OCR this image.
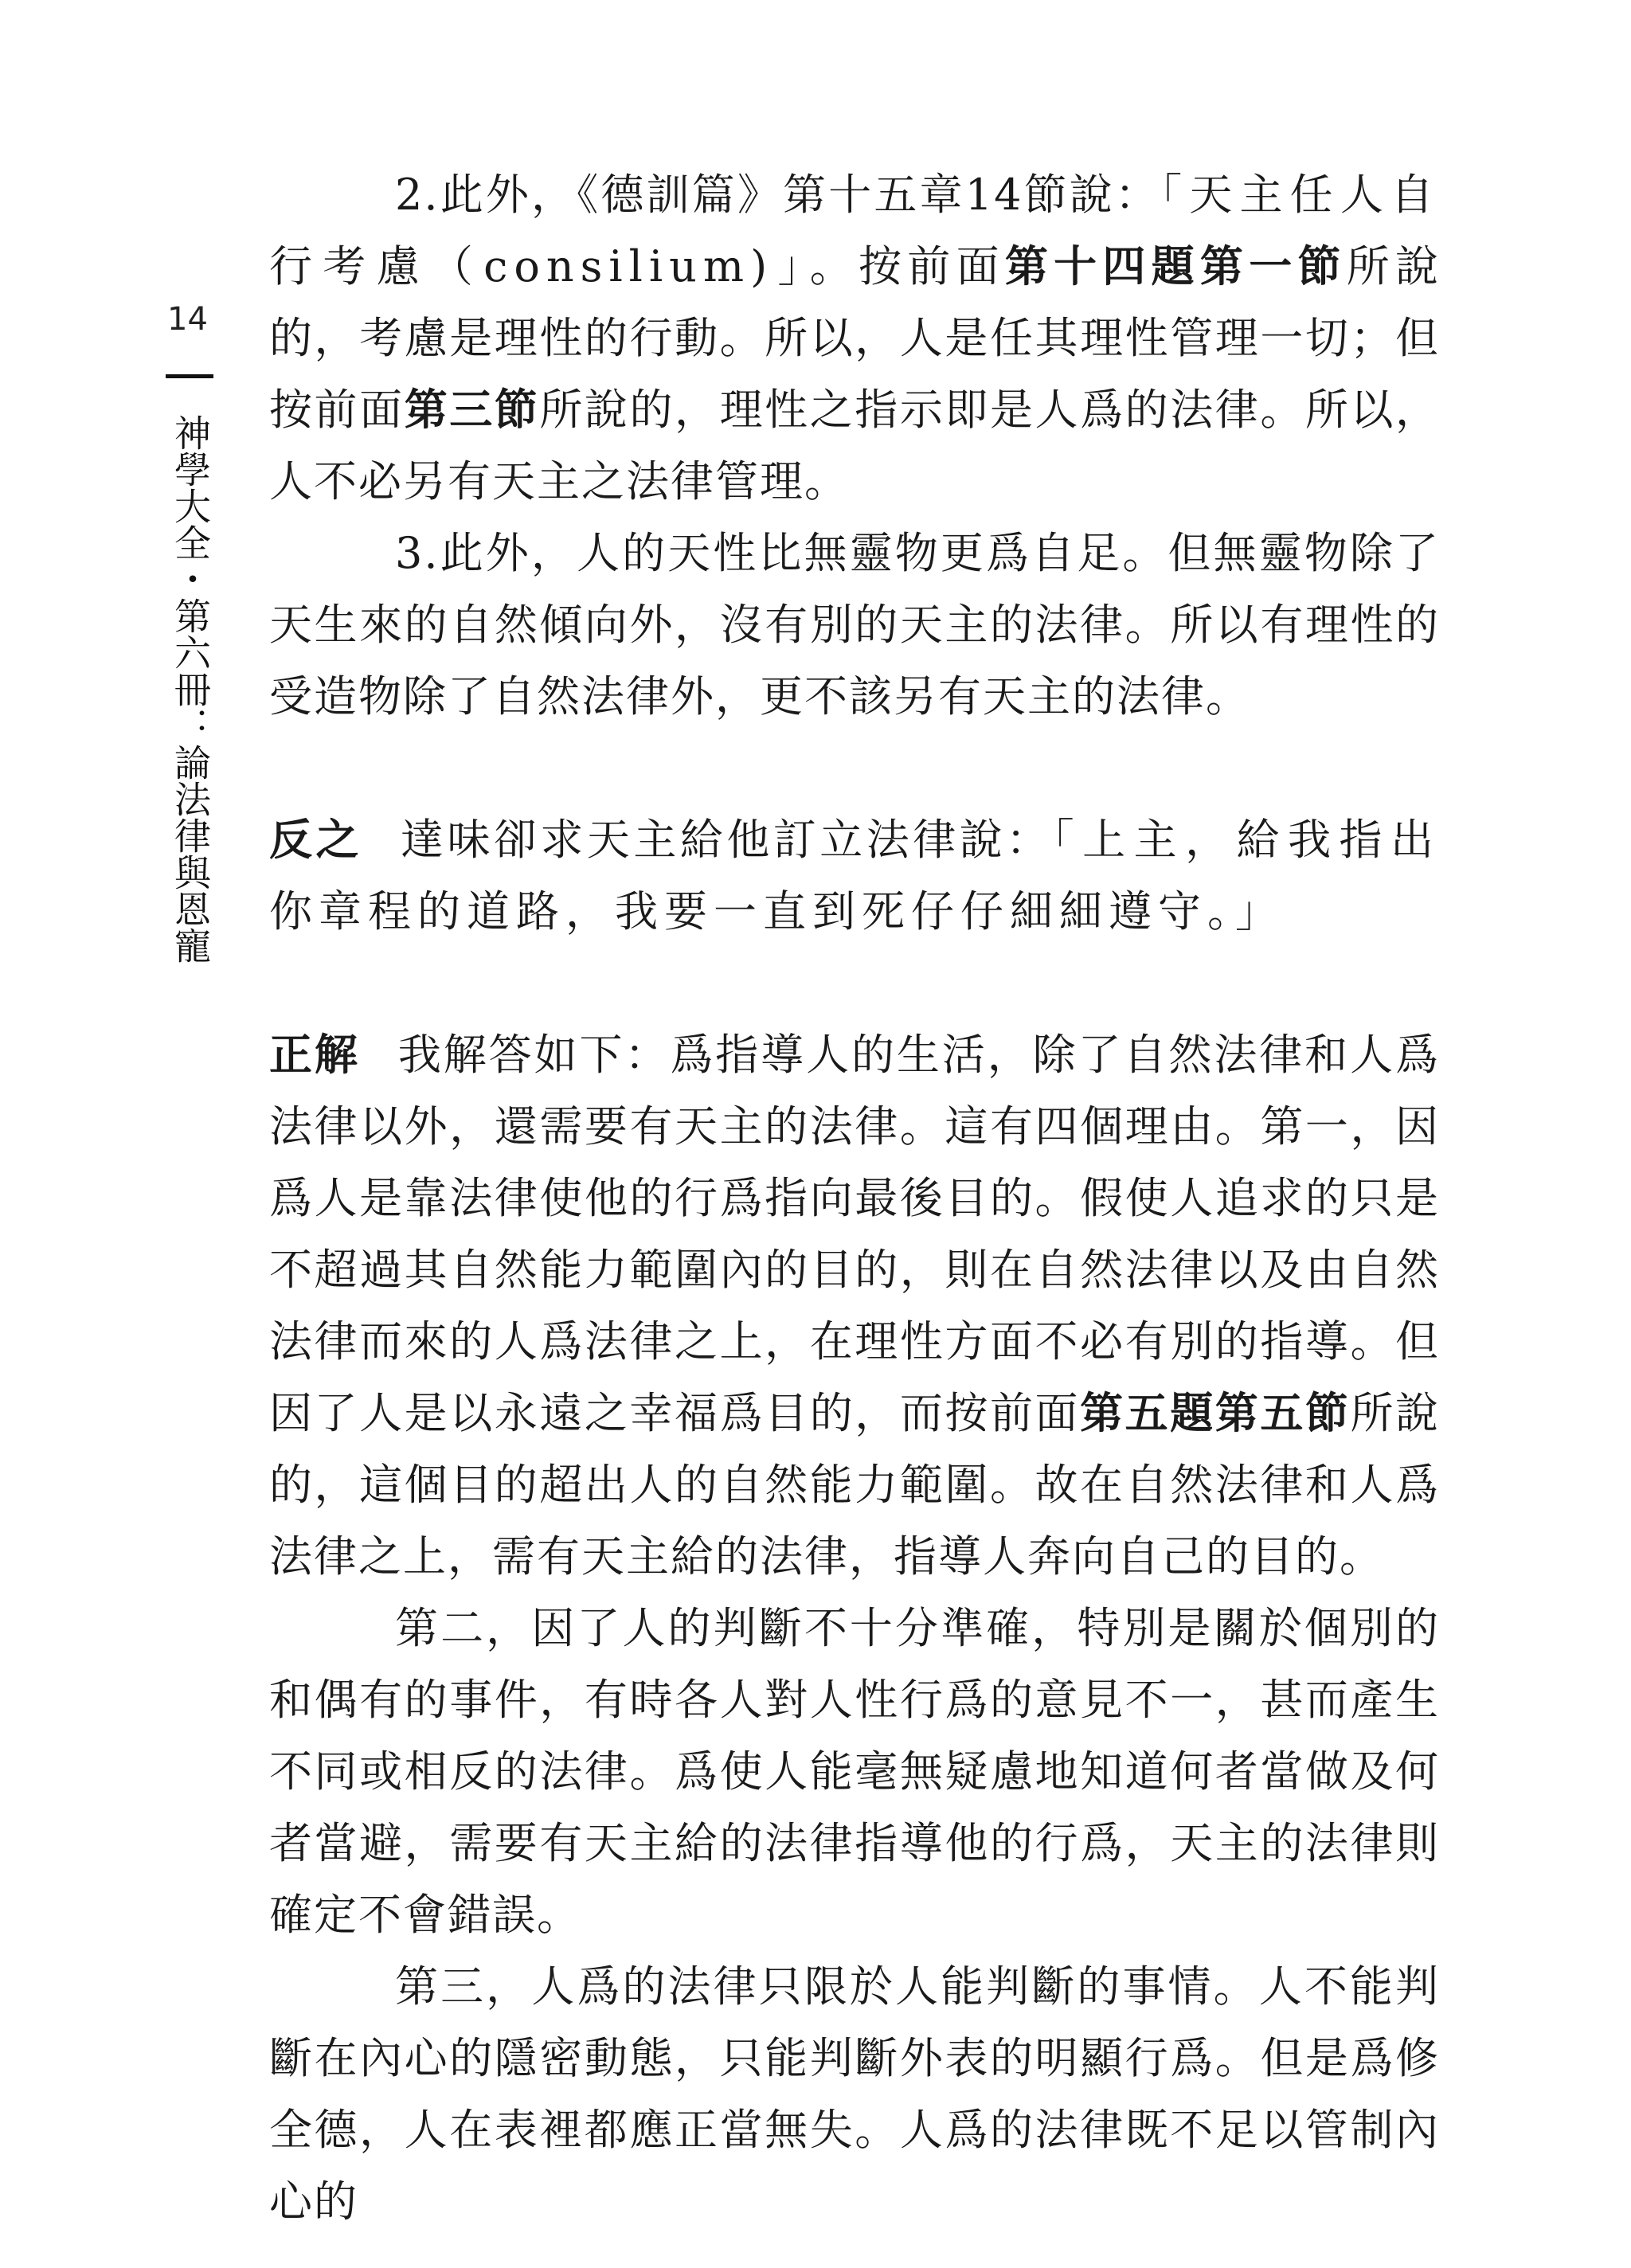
14
神學大全・第六冊：論法律與恩寵

2.此外，《德訓篇》第十五章14節說：「天主任人自行考慮（consilium)」。按前面第十四題第一節所說的，考慮是理性的行動。所以，人是任其理性管理一切；但按前面第三節所說的，理性之指示即是人爲的法律。所以，人不必另有天主之法律管理。

3.此外，人的天性比無靈物更爲自足。但無靈物除了天生來的自然傾向外，沒有別的天主的法律。所以有理性的受造物除了自然法律外，更不該另有天主的法律。

反之 達味卻求天主給他訂立法律說：「上主，給我指出你章程的道路，我要一直到死仔仔細細遵守。」

正解 我解答如下：爲指導人的生活，除了自然法律和人爲法律以外，還需要有天主的法律。這有四個理由。第一，因爲人是靠法律使他的行爲指向最後目的。假使人追求的只是不超過其自然能力範圍內的目的，則在自然法律以及由自然法律而來的人爲法律之上，在理性方面不必有別的指導。但因了人是以永遠之幸福爲目的，而按前面第五題第五節所說的，這個目的超出人的自然能力範圍。故在自然法律和人爲法律之上，需有天主給的法律，指導人奔向自己的目的。

第二，因了人的判斷不十分準確，特別是關於個別的和偶有的事件，有時各人對人性行爲的意見不一，甚而產生不同或相反的法律。爲使人能毫無疑慮地知道何者當做及何者當避，需要有天主給的法律指導他的行爲，天主的法律則確定不會錯誤。

第三，人爲的法律只限於人能判斷的事情。人不能判斷在內心的隱密動態，只能判斷外表的明顯行爲。但是爲修全德，人在表裡都應正當無失。人爲的法律既不足以管制內心的
